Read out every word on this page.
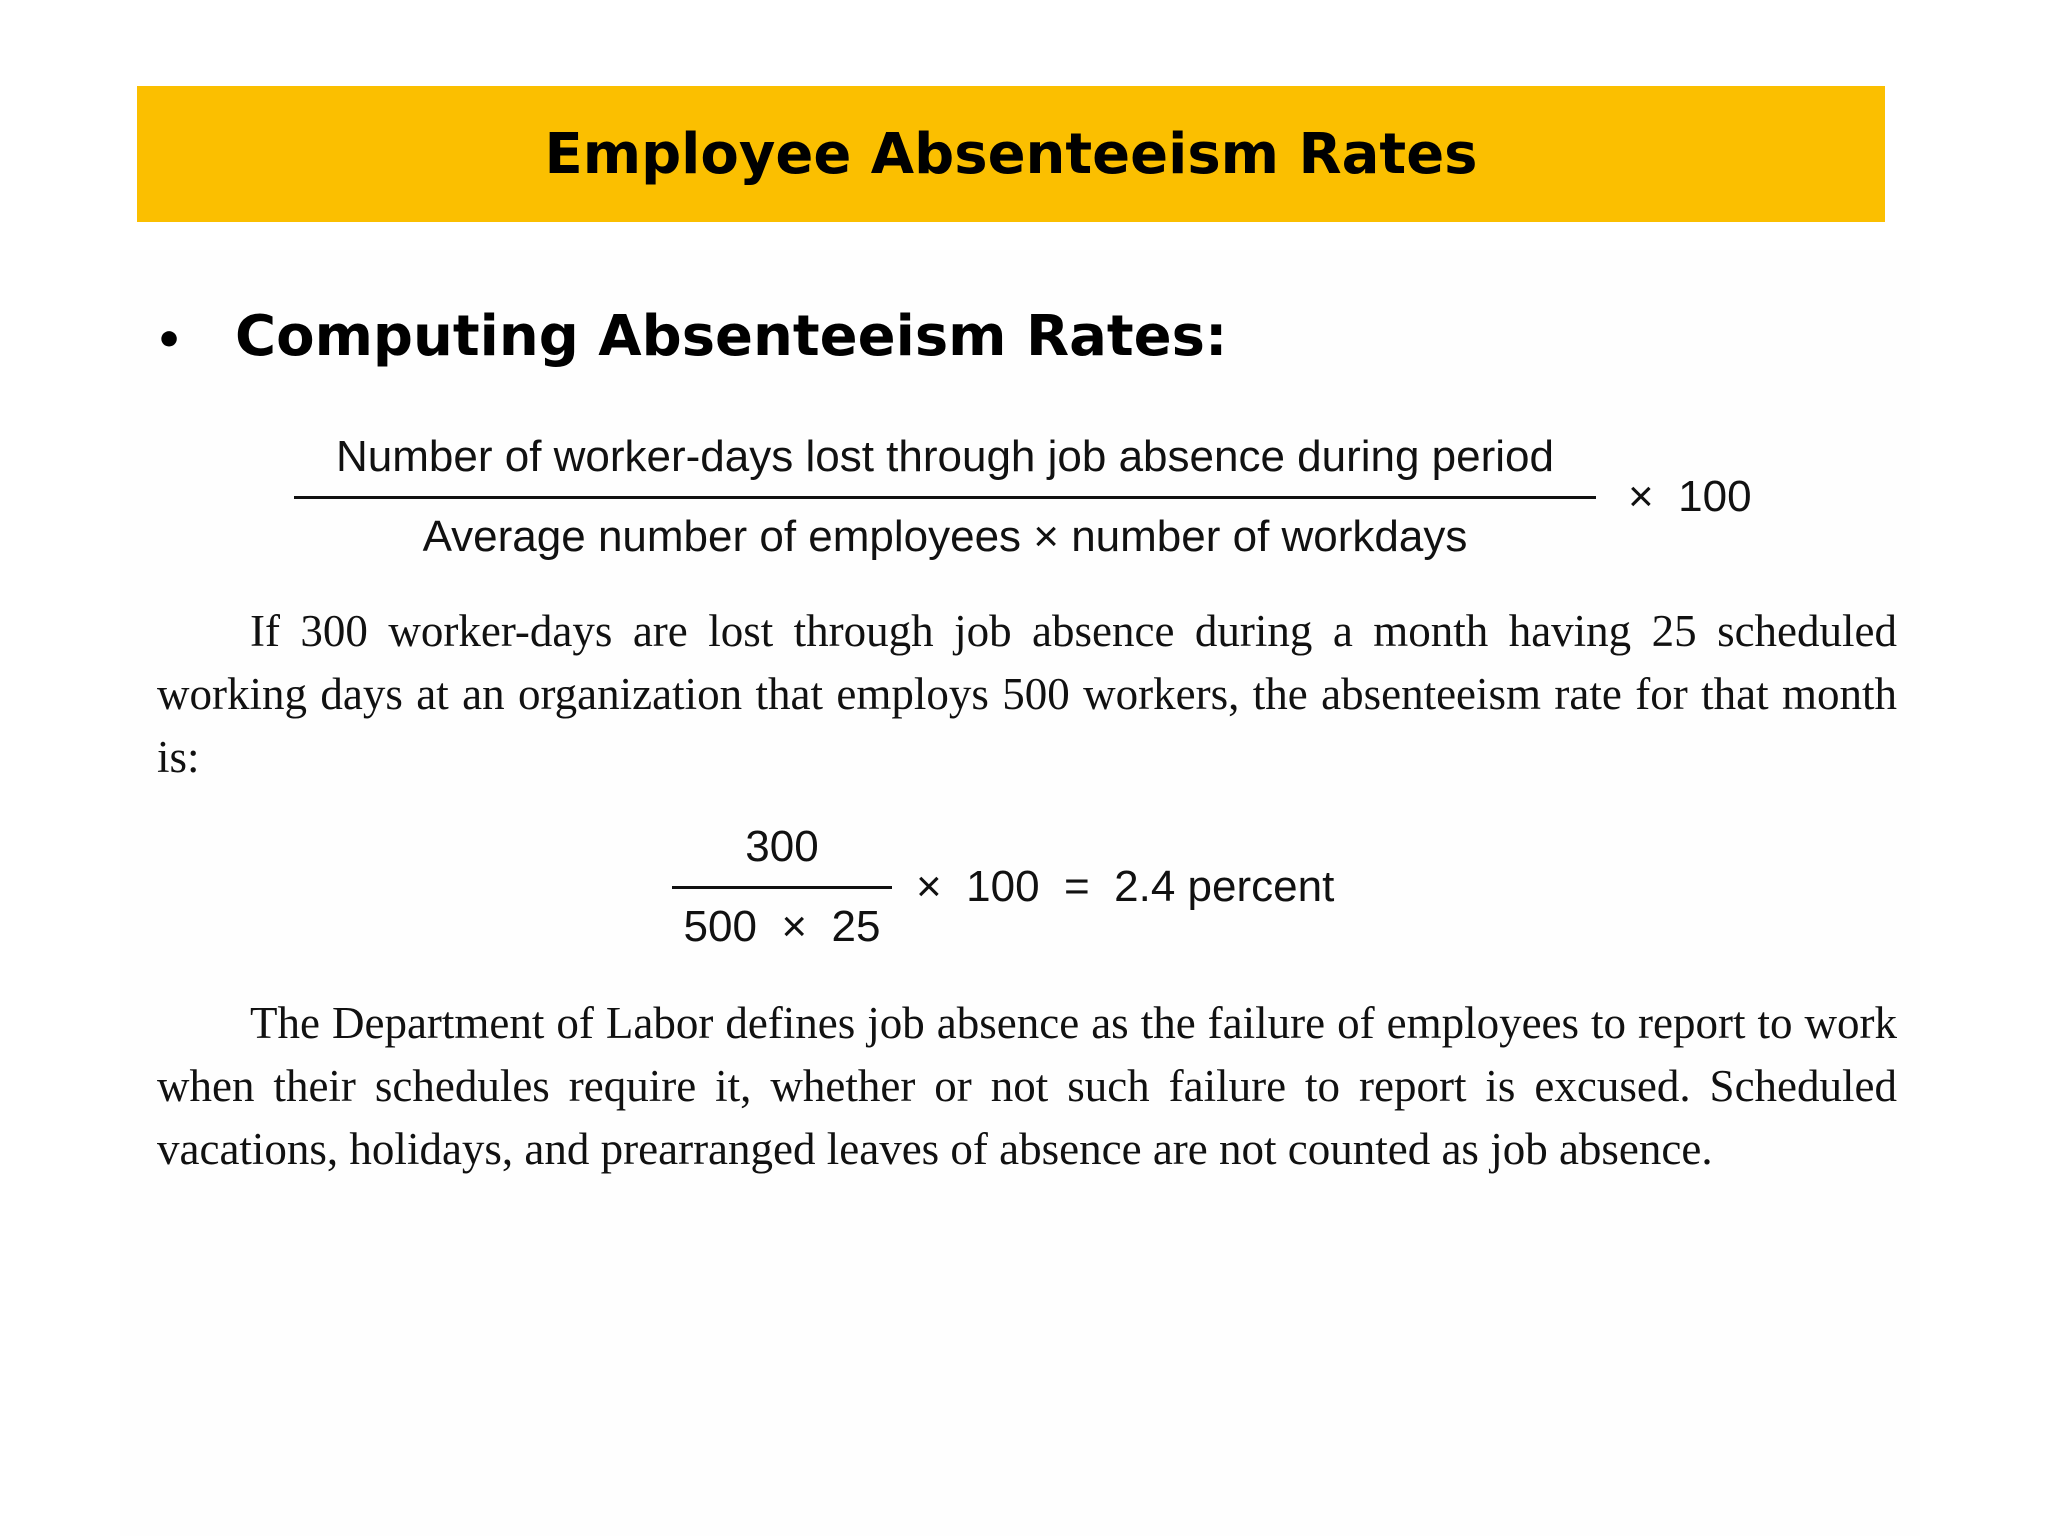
Employee Absenteeism Rates
• Computing Absenteeism Rates:
Number of worker-days lost through job absence during period
Average number of employees × number of workdays
×  100
If 300 worker-days are lost through job absence during a month having 25 scheduled working days at an organization that employs 500 workers, the absenteeism rate for that month is:
300
500  ×  25
×  100  =  2.4 percent
The Department of Labor defines job absence as the failure of employees to report to work when their schedules require it, whether or not such failure to report is excused. Scheduled vacations, holidays, and prearranged leaves of absence are not counted as job absence.
